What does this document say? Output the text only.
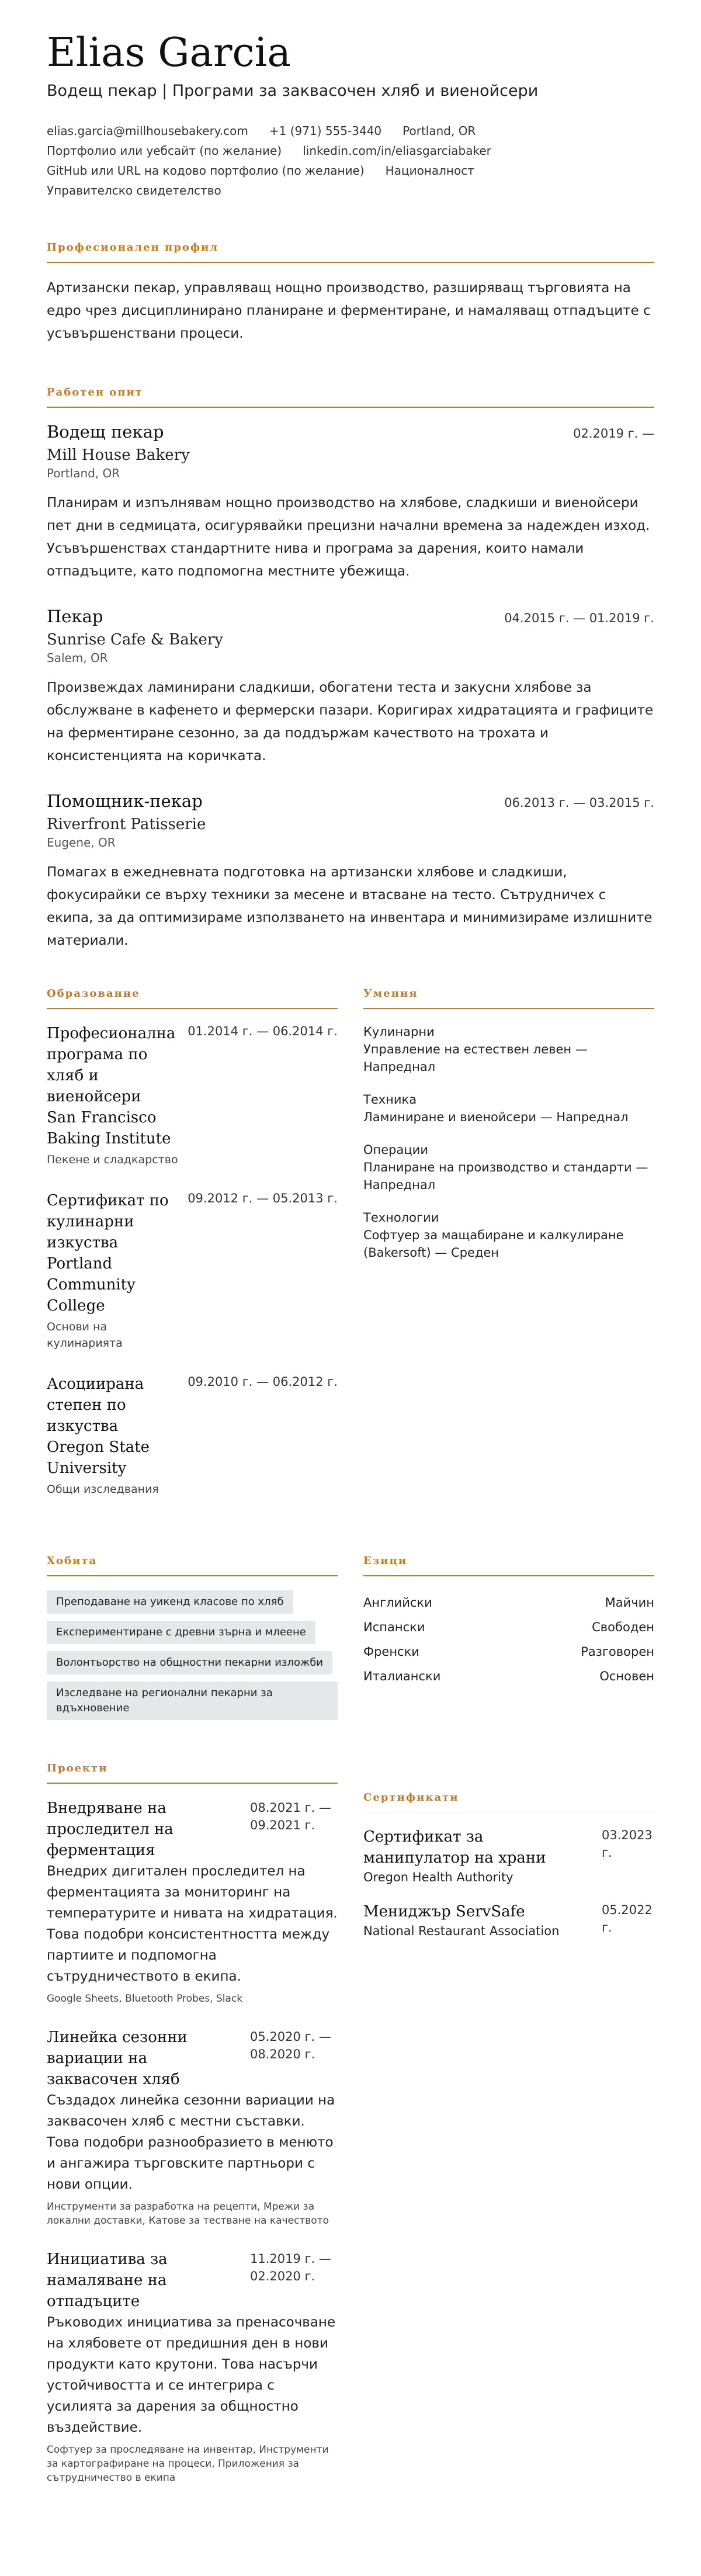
Elias Garcia
Водещ пекар | Програми за заквасочен хляб и виенойсери
elias.garcia@millhousebakery.com +1 (971) 555-3440 Portland, OR
Портфолио или уебсайт (по желание) linkedin.com/in/eliasgarciabaker
GitHub или URL на кодово портфолио (по желание) Националност
Управителско свидетелство
Професионален профил

Артизански пекар, управляващ нощно производство, разширяващ търговията на едро чрез дисциплинирано планиране и ферментиране, и намаляващ отпадъците с усъвършенствани процеси.

Работен опит
Водещ пекар	02.2019 г. —
Mill House Bakery
Portland, OR

Планирам и изпълнявам нощно производство на хлябове, сладкиши и виенойсери пет дни в седмицата, осигурявайки прецизни начални времена за надежден изход. Усъвършенствах стандартните нива и програма за дарения, които намали отпадъците, като подпомогна местните убежища.

Пекар	04.2015 г. — 01.2019 г.
Sunrise Cafe & Bakery
Salem, OR

Произвеждах ламинирани сладкиши, обогатени теста и закусни хлябове за обслужване в кафенето и фермерски пазари. Коригирах хидратацията и графиците на ферментиране сезонно, за да поддържам качеството на трохата и консистенцията на коричката.

Помощник-пекар	06.2013 г. — 03.2015 г.
Riverfront Patisserie
Eugene, OR

Помагах в ежедневната подготовка на артизански хлябове и сладкиши, фокусирайки се върху техники за месене и втасване на тесто. Сътрудничех с екипа, за да оптимизираме използването на инвентара и минимизираме излишните материали.

Образование
Професионална програма по хляб и виенойсери
San Francisco Baking Institute
Пекене и сладкарство
01.2014 г. — 06.2014 г.
Сертификат по кулинарни изкуства
Portland Community College
Основи на кулинарията
09.2012 г. — 05.2013 г.
Асоциирана степен по изкуства
Oregon State University
Общи изследвания
09.2010 г. — 06.2012 г.
Умения
Кулинарни
Управление на естествен левен — Напреднал
Техника
Ламиниране и виенойсери — Напреднал
Операции
Планиране на производство и стандарти — Напреднал
Технологии
Софтуер за мащабиране и калкулиране (Bakersoft) — Среден
Хобита
Преподаване на уикенд класове по хляб
Експериментиране с древни зърна и млеене
Волонтьорство на общностни пекарни изложби
Изследване на регионални пекарни за вдъхновение
Езици
Английски	Майчин
Испански	Свободен
Френски	Разговорен
Италиански	Основен
Проекти
Внедряване на проследител на ферментация
08.2021 г. — 09.2021 г.
Внедрих дигитален проследител на ферментацията за мониторинг на температурите и нивата на хидратация. Това подобри консистентността между партиите и подпомогна сътрудничеството в екипа.
Google Sheets, Bluetooth Probes, Slack
Линейка сезонни вариации на заквасочен хляб
05.2020 г. — 08.2020 г.
Създадох линейка сезонни вариации на заквасочен хляб с местни съставки. Това подобри разнообразието в менюто и ангажира търговските партньори с нови опции.
Инструменти за разработка на рецепти, Мрежи за локални доставки, Катове за тестване на качеството
Инициатива за намаляване на отпадъците
11.2019 г. — 02.2020 г.
Ръководих инициатива за пренасочване на хлябовете от предишния ден в нови продукти като крутони. Това насърчи устойчивостта и се интегрира с усилията за дарения за общностно въздействие.
Софтуер за проследяване на инвентар, Инструменти за картографиране на процеси, Приложения за сътрудничество в екипа
Сертификати
Сертификат за манипулатор на храни
Oregon Health Authority
03.2023 г.
Мениджър ServSafe
National Restaurant Association
05.2022 г.
